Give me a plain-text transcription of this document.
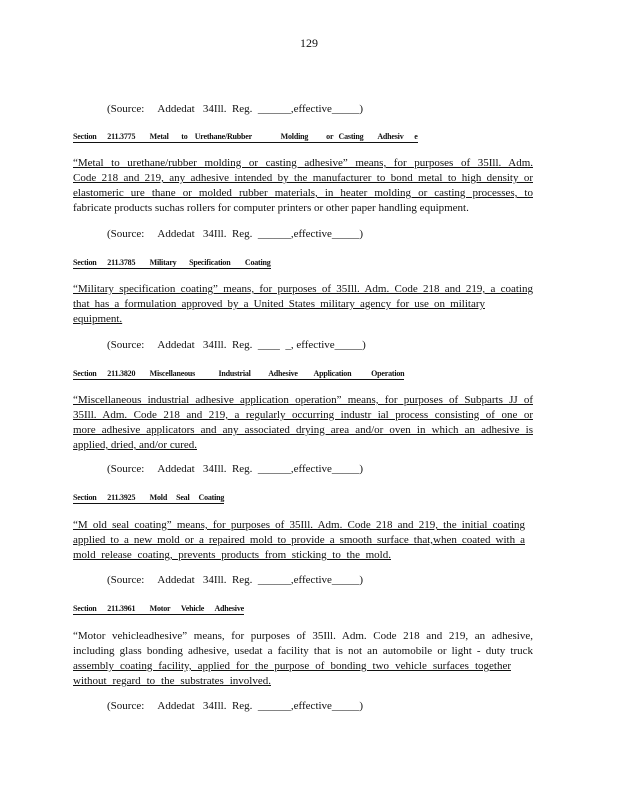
129
(Source:     Addedat   34Ill.  Reg.  ______,effective_____)
(Source:     Addedat   34Ill.  Reg.  ______,effective_____)
(Source:     Addedat   34Ill.  Reg.  ____  _, effective_____)
(Source:     Addedat   34Ill.  Reg.  ______,effective_____)
(Source:     Addedat   34Ill.  Reg.  ______,effective_____)
(Source:     Addedat   34Ill.  Reg.  ______,effective_____)
Section      211.3775        Metal       to    Urethane/Rubber                Molding          or   Casting        Adhesiv      e
“Metal to urethane/rubber molding or casting adhesive” means, for purposes of 35Ill. Adm.
Code 218 and 219, any adhesive intended by the manufacturer to bond metal to high density or
elastomeric ure thane or molded rubber materials, in heater molding or casting processes, to
fabricate products suchas rollers for computer printers or other paper handling equipment.
Section      211.3785        Military       Specification        Coating
“Military specification coating” means, for purposes of 35Ill. Adm. Code 218 and 219, a coating
that has a formulation approved by a United States military agency for use on military
equipment.
Section      211.3820        Miscellaneous             Industrial          Adhesive         Application           Operation
“Miscellaneous industrial adhesive application operation” means, for purposes of Subparts JJ of
35Ill. Adm. Code 218 and 219, a regularly occurring industr ial process consisting of one or
more adhesive applicators and any associated drying area and/or oven in which an adhesive is
applied, dried, and/or cured.
Section      211.3925        Mold     Seal     Coating
“M old seal coating” means, for purposes of 35Ill. Adm. Code 218 and 219, the initial coating
applied to a new mold or a repaired mold to provide a smooth surface that,when coated with a
mold release coating, prevents products from sticking to the mold.
Section      211.3961        Motor      Vehicle      Adhesive
“Motor vehicleadhesive” means, for purposes of 35Ill. Adm. Code 218 and 219, an adhesive,
including glass bonding adhesive, usedat a facility that is not an automobile or light - duty truck
assembly coating facility, applied for the purpose of bonding two vehicle surfaces together
without regard to the substrates involved.
